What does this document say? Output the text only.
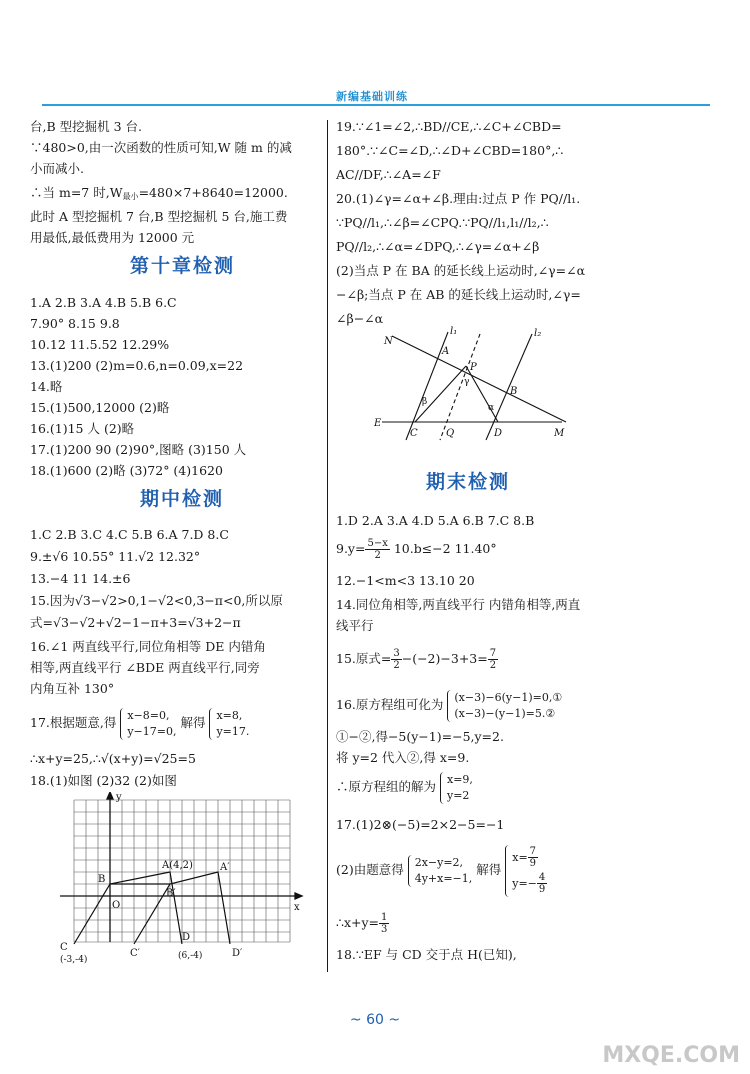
新编基础训练
台,B 型挖掘机 3 台.
∵480>0,由一次函数的性质可知,W 随 m 的减
小而减小.
∴当 m=7 时$,W_{最小}=480\times 7+8640=12000$.
此时 A 型挖掘机 7 台,B 型挖掘机 5 台,施工费
用最低,最低费用为 12000 元
第十章检测
1.A 2.B 3.A 4.B 5.B 6.C
7.90° 8.15 9.8
10.12 11.5.52 12.29%
13.(1)200 (2)m=0.6,n=0.09,x=22
14.略
15.(1)500,12000 (2)略
16.(1)15 人 (2)略
17.(1)200 90 (2)90°,图略 (3)150 人
18.(1)600 (2)略 (3)72° (4)1620
期中检测
1.C 2.B 3.C 4.C 5.B 6.A 7.D 8.C
9.±√6 10.55° 11.√2 12.32°
13.−4 11 14.±6
15.因为√3−√2>0,1−√2<0,3−π<0,所以原
式=√3−√2+√2−1−π+3=√3+2−π
16.∠1 两直线平行,同位角相等 DE 内错角
相等,两直线平行 ∠BDE 两直线平行,同旁
内角互补 130°
17.根据题意,得 x−8=0,
y−17=0,
解得 x=8,
y=17.
∴x+y=25,∴√(x+y)=√25=5
18.(1)如图 (2)32 (2)如图
y
x
O
B
A(4,2)	A′
B′
C
C′
D
D′
(-3,-4)	(6,-4)
19.∵∠1=∠2,∴BD//CE,∴∠C+∠CBD=
180°.∵∠C=∠D,∴∠D+∠CBD=180°,∴
AC//DF,∴∠A=∠F
20.(1)∠γ=∠α+∠β.理由:过点 P 作 PQ//l₁.
∵PQ//l₁,∴∠β=∠CPQ.∵PQ//l₁,l₁//l₂,∴
PQ//l₂,∴∠α=∠DPQ,∴∠γ=∠α+∠β
(2)当点 P 在 BA 的延长线上运动时,∠γ=∠α
−∠β;当点 P 在 AB 的延长线上运动时,∠γ=
∠β−∠α
期末检测
1.D 2.A 3.A 4.D 5.A 6.B 7.C 8.B
$9.y= \frac{5-x}{2} 10.b\le-2$ 11.40°
12.−1<m<3 13.10 20
14.同位角相等,两直线平行 内错角相等,两直
线平行
15.原式= $\frac{3}{2} -(-2)-3+3= \frac{7}{2}$
16.原方程组可化为 (x−3)−6(y−1)=0,①
(x−3)−(y−1)=5.②
①−②,得−5(y−1)=−5,y=2.
将 y=2 代入②,得 x=9.
∴原方程组的解为 x=9,
y=2
17.(1)2⊗(−5)=2×2−5=−1
(2)由题意得 2x−y=2,
4y+x=−1,
解得
$x= \frac{7}{9}$
$y=- \frac{4}{9}$
∴x+y= $\frac{1}{3}$
18.∵EF 与 CD 交于点 H(已知),
N
A
P
B
E
C	Q	D	M
l₁	l₂
β
γ
α
~ 60 ~
MXQE.COM
